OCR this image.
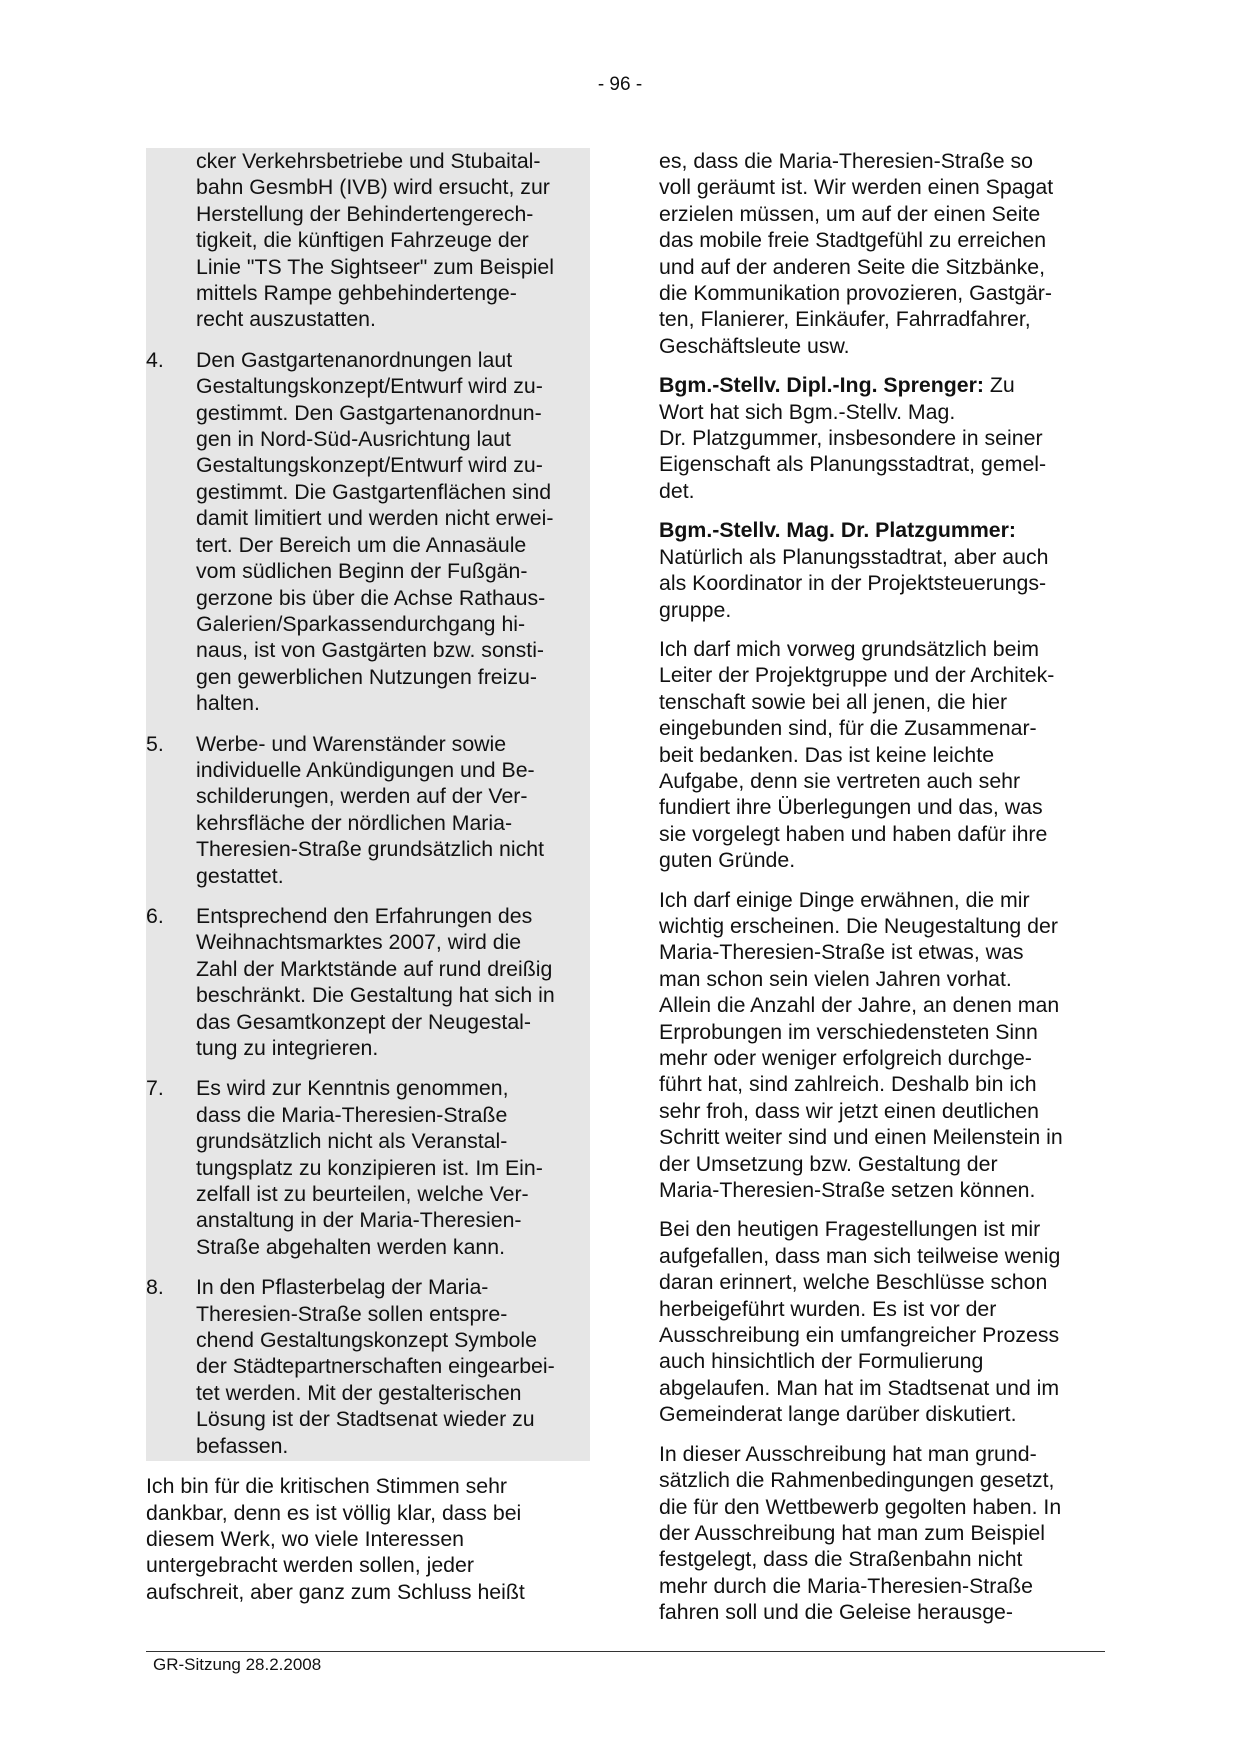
- 96 -
cker Verkehrsbetriebe und Stubaital-
bahn GesmbH (IVB) wird ersucht, zur
Herstellung der Behindertengerech-
tigkeit, die künftigen Fahrzeuge der
Linie "TS The Sightseer" zum Beispiel
mittels Rampe gehbehindertenge-
recht auszustatten.
4.	Den Gastgartenanordnungen laut
Gestaltungskonzept/Entwurf wird zu-
gestimmt. Den Gastgartenanordnun-
gen in Nord-Süd-Ausrichtung laut
Gestaltungskonzept/Entwurf wird zu-
gestimmt. Die Gastgartenflächen sind
damit limitiert und werden nicht erwei-
tert. Der Bereich um die Annasäule
vom südlichen Beginn der Fußgän-
gerzone bis über die Achse Rathaus-
Galerien/Sparkassendurchgang hi-
naus, ist von Gastgärten bzw. sonsti-
gen gewerblichen Nutzungen freizu-
halten.
5.	Werbe- und Warenständer sowie
individuelle Ankündigungen und Be-
schilderungen, werden auf der Ver-
kehrsfläche der nördlichen Maria-
Theresien-Straße grundsätzlich nicht
gestattet.
6.	Entsprechend den Erfahrungen des
Weihnachtsmarktes 2007, wird die
Zahl der Marktstände auf rund dreißig
beschränkt. Die Gestaltung hat sich in
das Gesamtkonzept der Neugestal-
tung zu integrieren.
7.	Es wird zur Kenntnis genommen,
dass die Maria-Theresien-Straße
grundsätzlich nicht als Veranstal-
tungsplatz zu konzipieren ist. Im Ein-
zelfall ist zu beurteilen, welche Ver-
anstaltung in der Maria-Theresien-
Straße abgehalten werden kann.
8.	In den Pflasterbelag der Maria-
Theresien-Straße sollen entspre-
chend Gestaltungskonzept Symbole
der Städtepartnerschaften eingearbei-
tet werden. Mit der gestalterischen
Lösung ist der Stadtsenat wieder zu
befassen.

Ich bin für die kritischen Stimmen sehr
dankbar, denn es ist völlig klar, dass bei
diesem Werk, wo viele Interessen
untergebracht werden sollen, jeder
aufschreit, aber ganz zum Schluss heißt

es, dass die Maria-Theresien-Straße so
voll geräumt ist. Wir werden einen Spagat
erzielen müssen, um auf der einen Seite
das mobile freie Stadtgefühl zu erreichen
und auf der anderen Seite die Sitzbänke,
die Kommunikation provozieren, Gastgär-
ten, Flanierer, Einkäufer, Fahrradfahrer,
Geschäftsleute usw.

Bgm.-Stellv. Dipl.-Ing. Sprenger: Zu
Wort hat sich Bgm.-Stellv. Mag.
Dr. Platzgummer, insbesondere in seiner
Eigenschaft als Planungsstadtrat, gemel-
det.

Bgm.-Stellv. Mag. Dr. Platzgummer:
Natürlich als Planungsstadtrat, aber auch
als Koordinator in der Projektsteuerungs-
gruppe.

Ich darf mich vorweg grundsätzlich beim
Leiter der Projektgruppe und der Architek-
tenschaft sowie bei all jenen, die hier
eingebunden sind, für die Zusammenar-
beit bedanken. Das ist keine leichte
Aufgabe, denn sie vertreten auch sehr
fundiert ihre Überlegungen und das, was
sie vorgelegt haben und haben dafür ihre
guten Gründe.

Ich darf einige Dinge erwähnen, die mir
wichtig erscheinen. Die Neugestaltung der
Maria-Theresien-Straße ist etwas, was
man schon sein vielen Jahren vorhat.
Allein die Anzahl der Jahre, an denen man
Erprobungen im verschiedensteten Sinn
mehr oder weniger erfolgreich durchge-
führt hat, sind zahlreich. Deshalb bin ich
sehr froh, dass wir jetzt einen deutlichen
Schritt weiter sind und einen Meilenstein in
der Umsetzung bzw. Gestaltung der
Maria-Theresien-Straße setzen können.

Bei den heutigen Fragestellungen ist mir
aufgefallen, dass man sich teilweise wenig
daran erinnert, welche Beschlüsse schon
herbeigeführt wurden. Es ist vor der
Ausschreibung ein umfangreicher Prozess
auch hinsichtlich der Formulierung
abgelaufen. Man hat im Stadtsenat und im
Gemeinderat lange darüber diskutiert.

In dieser Ausschreibung hat man grund-
sätzlich die Rahmenbedingungen gesetzt,
die für den Wettbewerb gegolten haben. In
der Ausschreibung hat man zum Beispiel
festgelegt, dass die Straßenbahn nicht
mehr durch die Maria-Theresien-Straße
fahren soll und die Geleise herausge-

GR-Sitzung 28.2.2008
